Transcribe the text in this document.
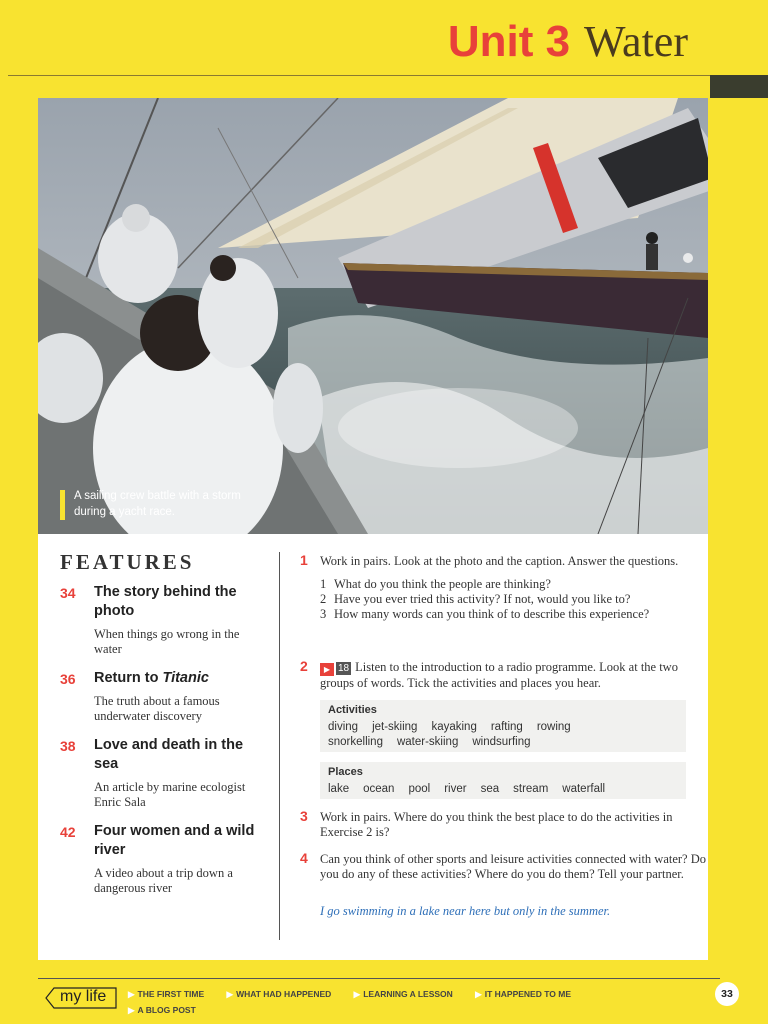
Unit 3 Water
A sailing crew battle with a storm during a yacht race.
FEATURES
34 The story behind the photo
When things go wrong in the water
36 Return to Titanic
The truth about a famous underwater discovery
38 Love and death in the sea
An article by marine ecologist Enric Sala
42 Four women and a wild river
A video about a trip down a dangerous river
1 Work in pairs. Look at the photo and the caption. Answer the questions.
1 What do you think the people are thinking?
2 Have you ever tried this activity? If not, would you like to?
3 How many words can you think of to describe this experience?
2	▶ 18 Listen to the introduction to a radio programme. Look at the two groups of words. Tick the activities and places you hear.
Activities
diving jet-skiing kayaking rafting rowing
snorkelling water-skiing windsurfing
Places
lake ocean pool river sea stream waterfall
3 Work in pairs. Where do you think the best place to do the activities in Exercise 2 is?
4 Can you think of other sports and leisure activities connected with water? Do you do any of these activities? Where do you do them? Tell your partner.
I go swimming in a lake near here but only in the summer.
my life	▶ THE FIRST TIME	▶ WHAT HAD HAPPENED	▶ LEARNING A LESSON	▶ IT HAPPENED TO ME
▶ A BLOG POST
33
